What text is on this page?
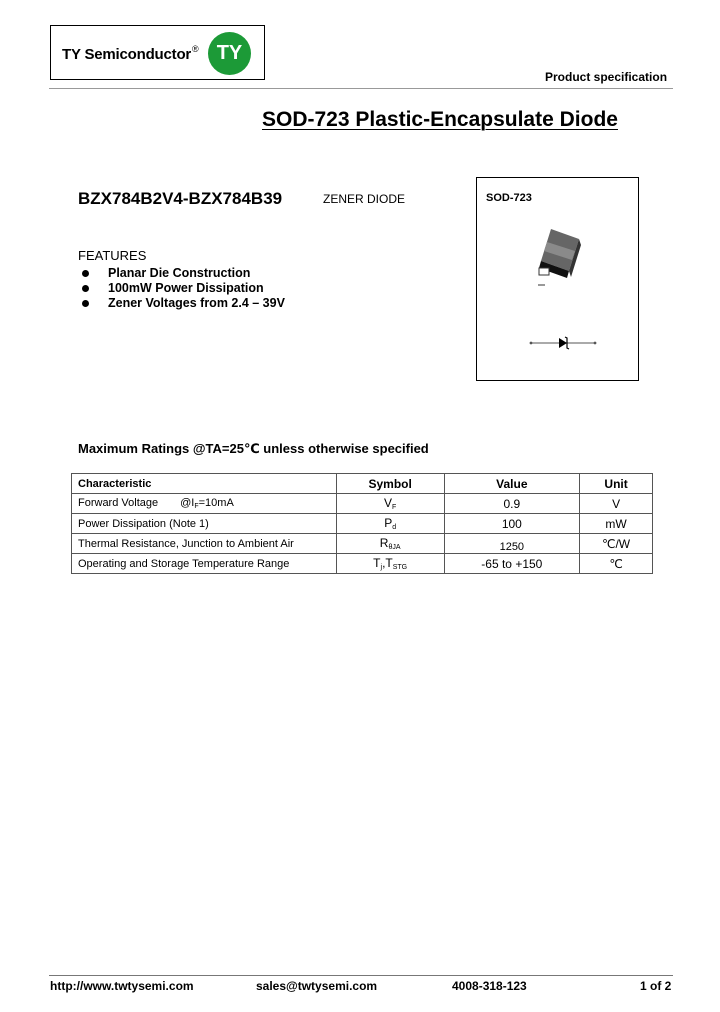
TY Semiconductor® TY
Product specification
SOD-723 Plastic-Encapsulate Diode
BZX784B2V4-BZX784B39	ZENER DIODE
FEATURES
Planar Die Construction
100mW Power Dissipation
Zener Voltages from 2.4 – 39V
SOD-723
Maximum Ratings @TA=25℃ unless otherwise specified
Characteristic	Symbol	Value	Unit
Forward Voltage $@I_F=10mA$	$V_F$	0.9	V
Power Dissipation (Note 1)	$P_d$	100	mW
Thermal Resistance, Junction to Ambient Air	$R_{\theta JA}$	1250	℃/W
Operating and Storage Temperature Range	$T_j,T_{STG}$	-65 to +150	℃
http://www.twtysemi.com	sales@twtysemi.com	4008-318-123	1 of 2
